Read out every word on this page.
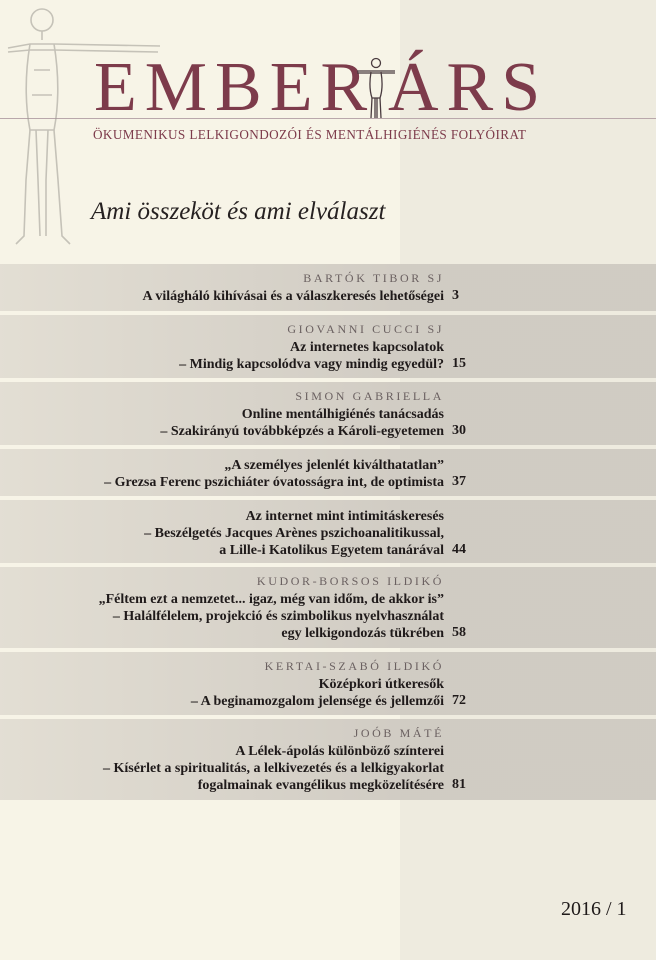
EMBER ÁRS
ÖKUMENIKUS LELKIGONDOZÓI ÉS MENTÁLHIGIÉNÉS FOLYÓIRAT
Ami összeköt és ami elválaszt
BARTÓK TIBOR SJ
A világháló kihívásai és a válaszkeresés lehetőségei 3
GIOVANNI CUCCI SJ
Az internetes kapcsolatok
– Mindig kapcsolódva vagy mindig egyedül? 15
SIMON GABRIELLA
Online mentálhigiénés tanácsadás
– Szakirányú továbbképzés a Károli-egyetemen 30
„A személyes jelenlét kiválthatatlan”
– Grezsa Ferenc pszichiáter óvatosságra int, de optimista 37
Az internet mint intimitáskeresés
– Beszélgetés Jacques Arènes pszichoanalitikussal,
a Lille-i Katolikus Egyetem tanárával 44
KUDOR-BORSOS ILDIKÓ
„Féltem ezt a nemzetet... igaz, még van időm, de akkor is”
– Halálfélelem, projekció és szimbolikus nyelvhasználat
egy lelkigondozás tükrében 58
KERTAI-SZABÓ ILDIKÓ
Középkori útkeresők
– A beginamozgalom jelensége és jellemzői 72
JOÓB MÁTÉ
A Lélek-ápolás különböző színterei
– Kísérlet a spiritualitás, a lelkivezetés és a lelkigyakorlat
fogalmainak evangélikus megközelítésére 81
2016 / 1
